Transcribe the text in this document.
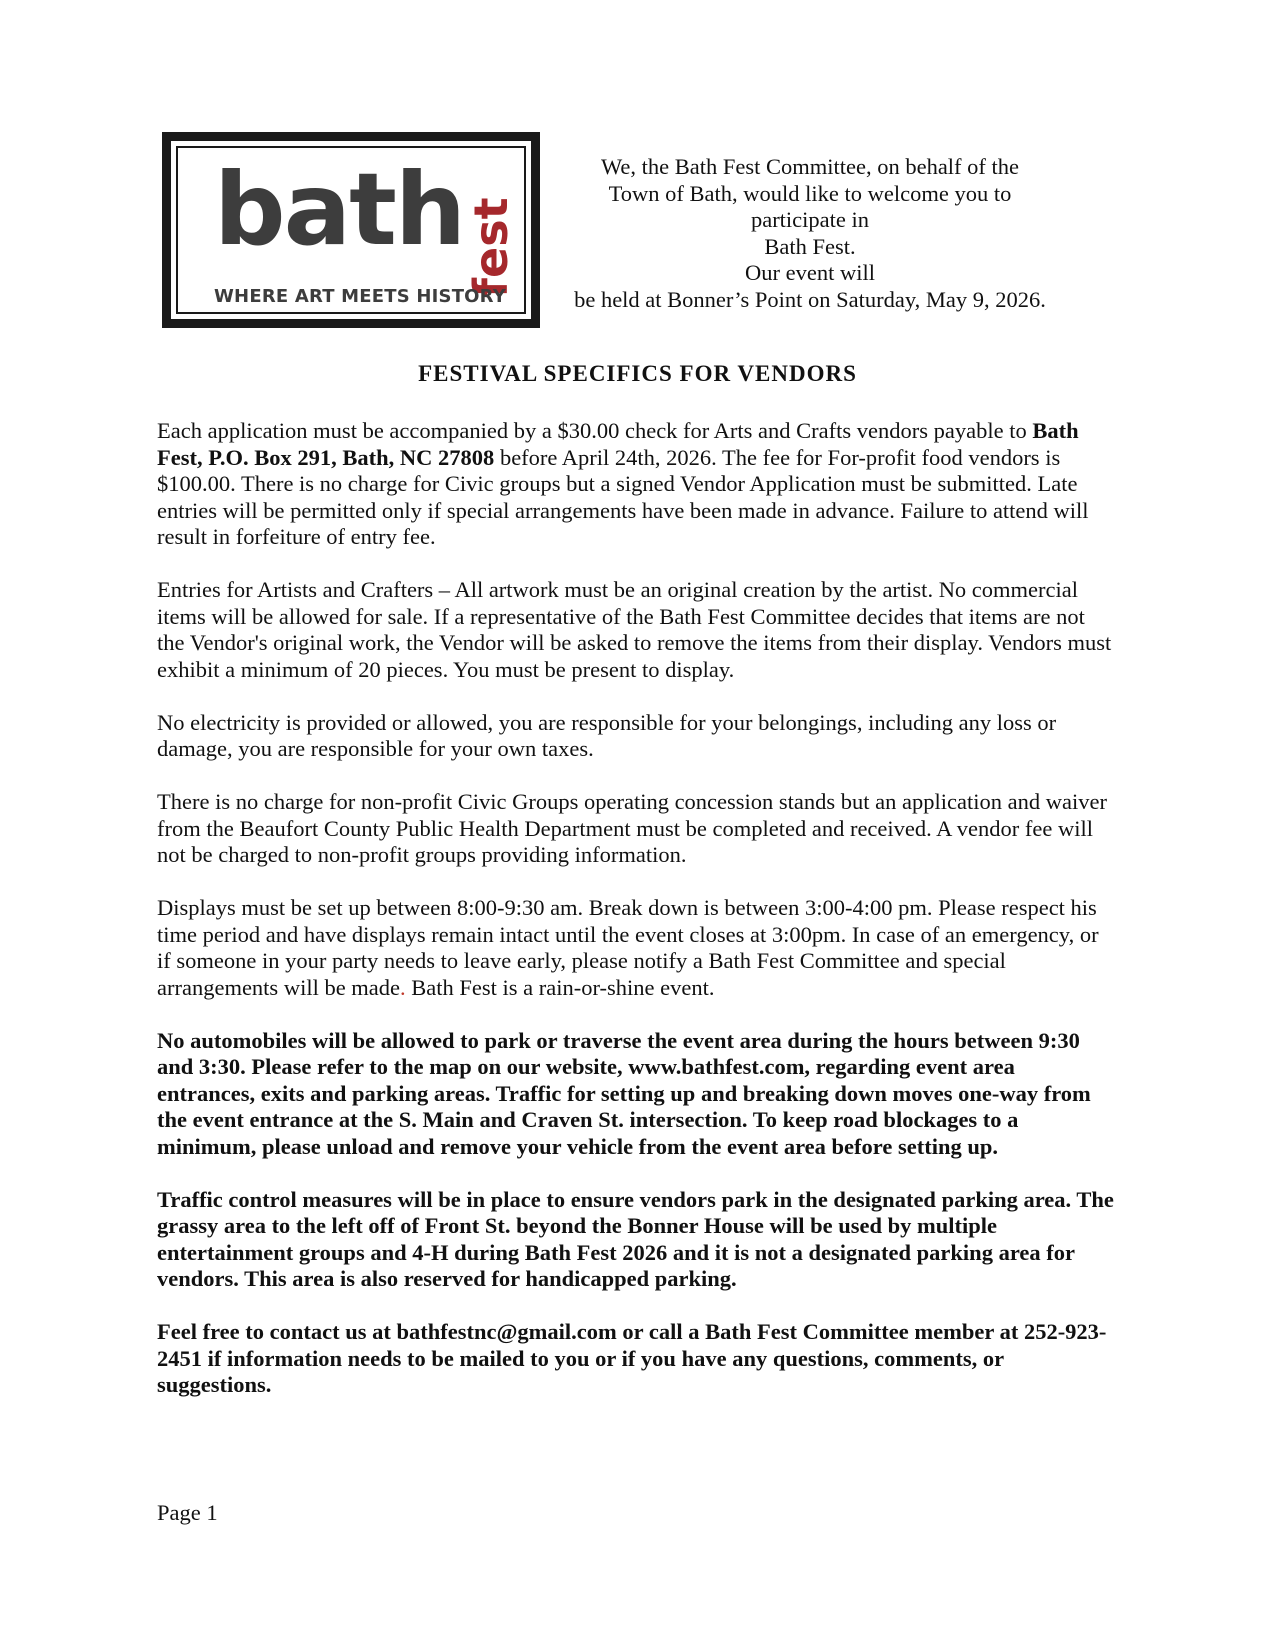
bath fest
WHERE ART MEETS HISTORY
We, the Bath Fest Committee, on behalf of the
Town of Bath, would like to welcome you to
participate in
Bath Fest.
Our event will
be held at Bonner’s Point on Saturday, May 9, 2026.
FESTIVAL SPECIFICS FOR VENDORS

Each application must be accompanied by a $30.00 check for Arts and Crafts vendors payable to Bath Fest, P.O. Box 291, Bath, NC 27808 before April 24th, 2026. The fee for For-profit food vendors is $100.00. There is no charge for Civic groups but a signed Vendor Application must be submitted. Late entries will be permitted only if special arrangements have been made in advance. Failure to attend will result in forfeiture of entry fee.

Entries for Artists and Crafters – All artwork must be an original creation by the artist. No commercial items will be allowed for sale. If a representative of the Bath Fest Committee decides that items are not the Vendor's original work, the Vendor will be asked to remove the items from their display. Vendors must exhibit a minimum of 20 pieces. You must be present to display.

No electricity is provided or allowed, you are responsible for your belongings, including any loss or damage, you are responsible for your own taxes.

There is no charge for non-profit Civic Groups operating concession stands but an application and waiver from the Beaufort County Public Health Department must be completed and received. A vendor fee will not be charged to non-profit groups providing information.

Displays must be set up between 8:00-9:30 am. Break down is between 3:00-4:00 pm. Please respect his time period and have displays remain intact until the event closes at 3:00pm. In case of an emergency, or if someone in your party needs to leave early, please notify a Bath Fest Committee and special arrangements will be made. Bath Fest is a rain-or-shine event.

No automobiles will be allowed to park or traverse the event area during the hours between 9:30 and 3:30. Please refer to the map on our website, www.bathfest.com, regarding event area entrances, exits and parking areas. Traffic for setting up and breaking down moves one-way from the event entrance at the S. Main and Craven St. intersection. To keep road blockages to a minimum, please unload and remove your vehicle from the event area before setting up.

Traffic control measures will be in place to ensure vendors park in the designated parking area. The grassy area to the left off of Front St. beyond the Bonner House will be used by multiple entertainment groups and 4-H during Bath Fest 2026 and it is not a designated parking area for vendors. This area is also reserved for handicapped parking.

Feel free to contact us at bathfestnc@gmail.com or call a Bath Fest Committee member at 252-923-2451 if information needs to be mailed to you or if you have any questions, comments, or suggestions.

Page 1
